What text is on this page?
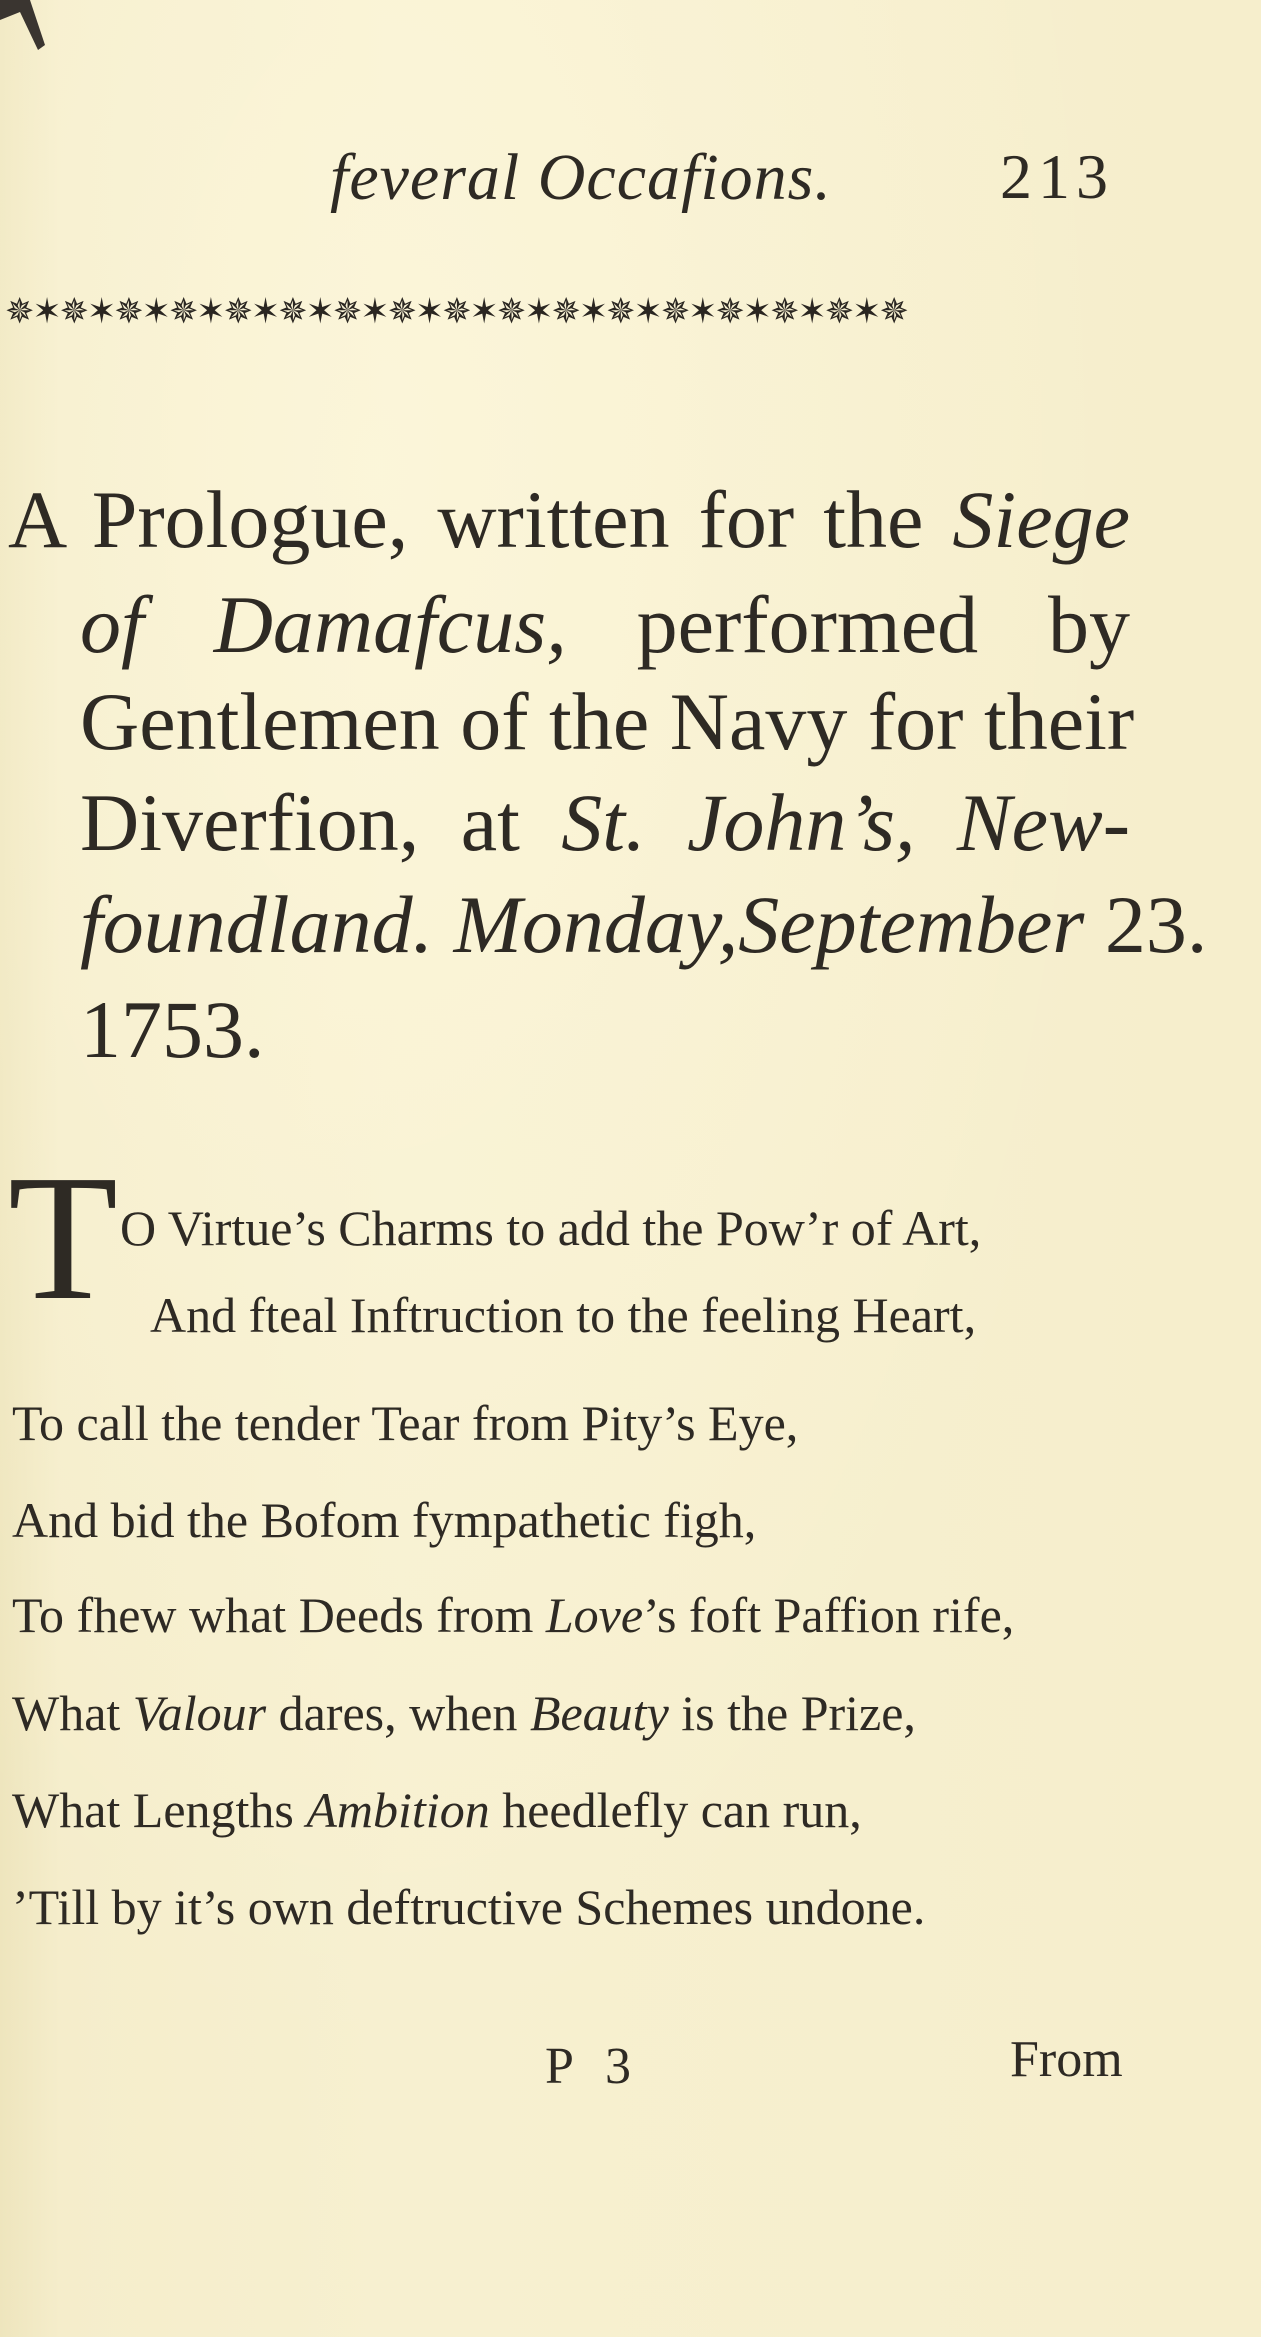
feveral Occafions.	213
✵✶✵✶✵✶✵✶✵✶✵✶✵✶✵✶✵✶✵✶✵✶✵✶✵✶✵✶✵✶✵✶✵
A Prologue, written for the Siege
of Damafcus, performed by
Gentlemen of the Navy for their
Diverfion, at St. John’s, New-
foundland. Monday,September 23.
1753.
T O Virtue’s Charms to add the Pow’r of Art,
And fteal Inftruction to the feeling Heart,
To call the tender Tear from Pity’s Eye,
And bid the Bofom fympathetic figh,
To fhew what Deeds from Love’s foft Paffion rife,
What Valour dares, when Beauty is the Prize,
What Lengths Ambition heedlefly can run,
’Till by it’s own deftructive Schemes undone.
P 3	From
